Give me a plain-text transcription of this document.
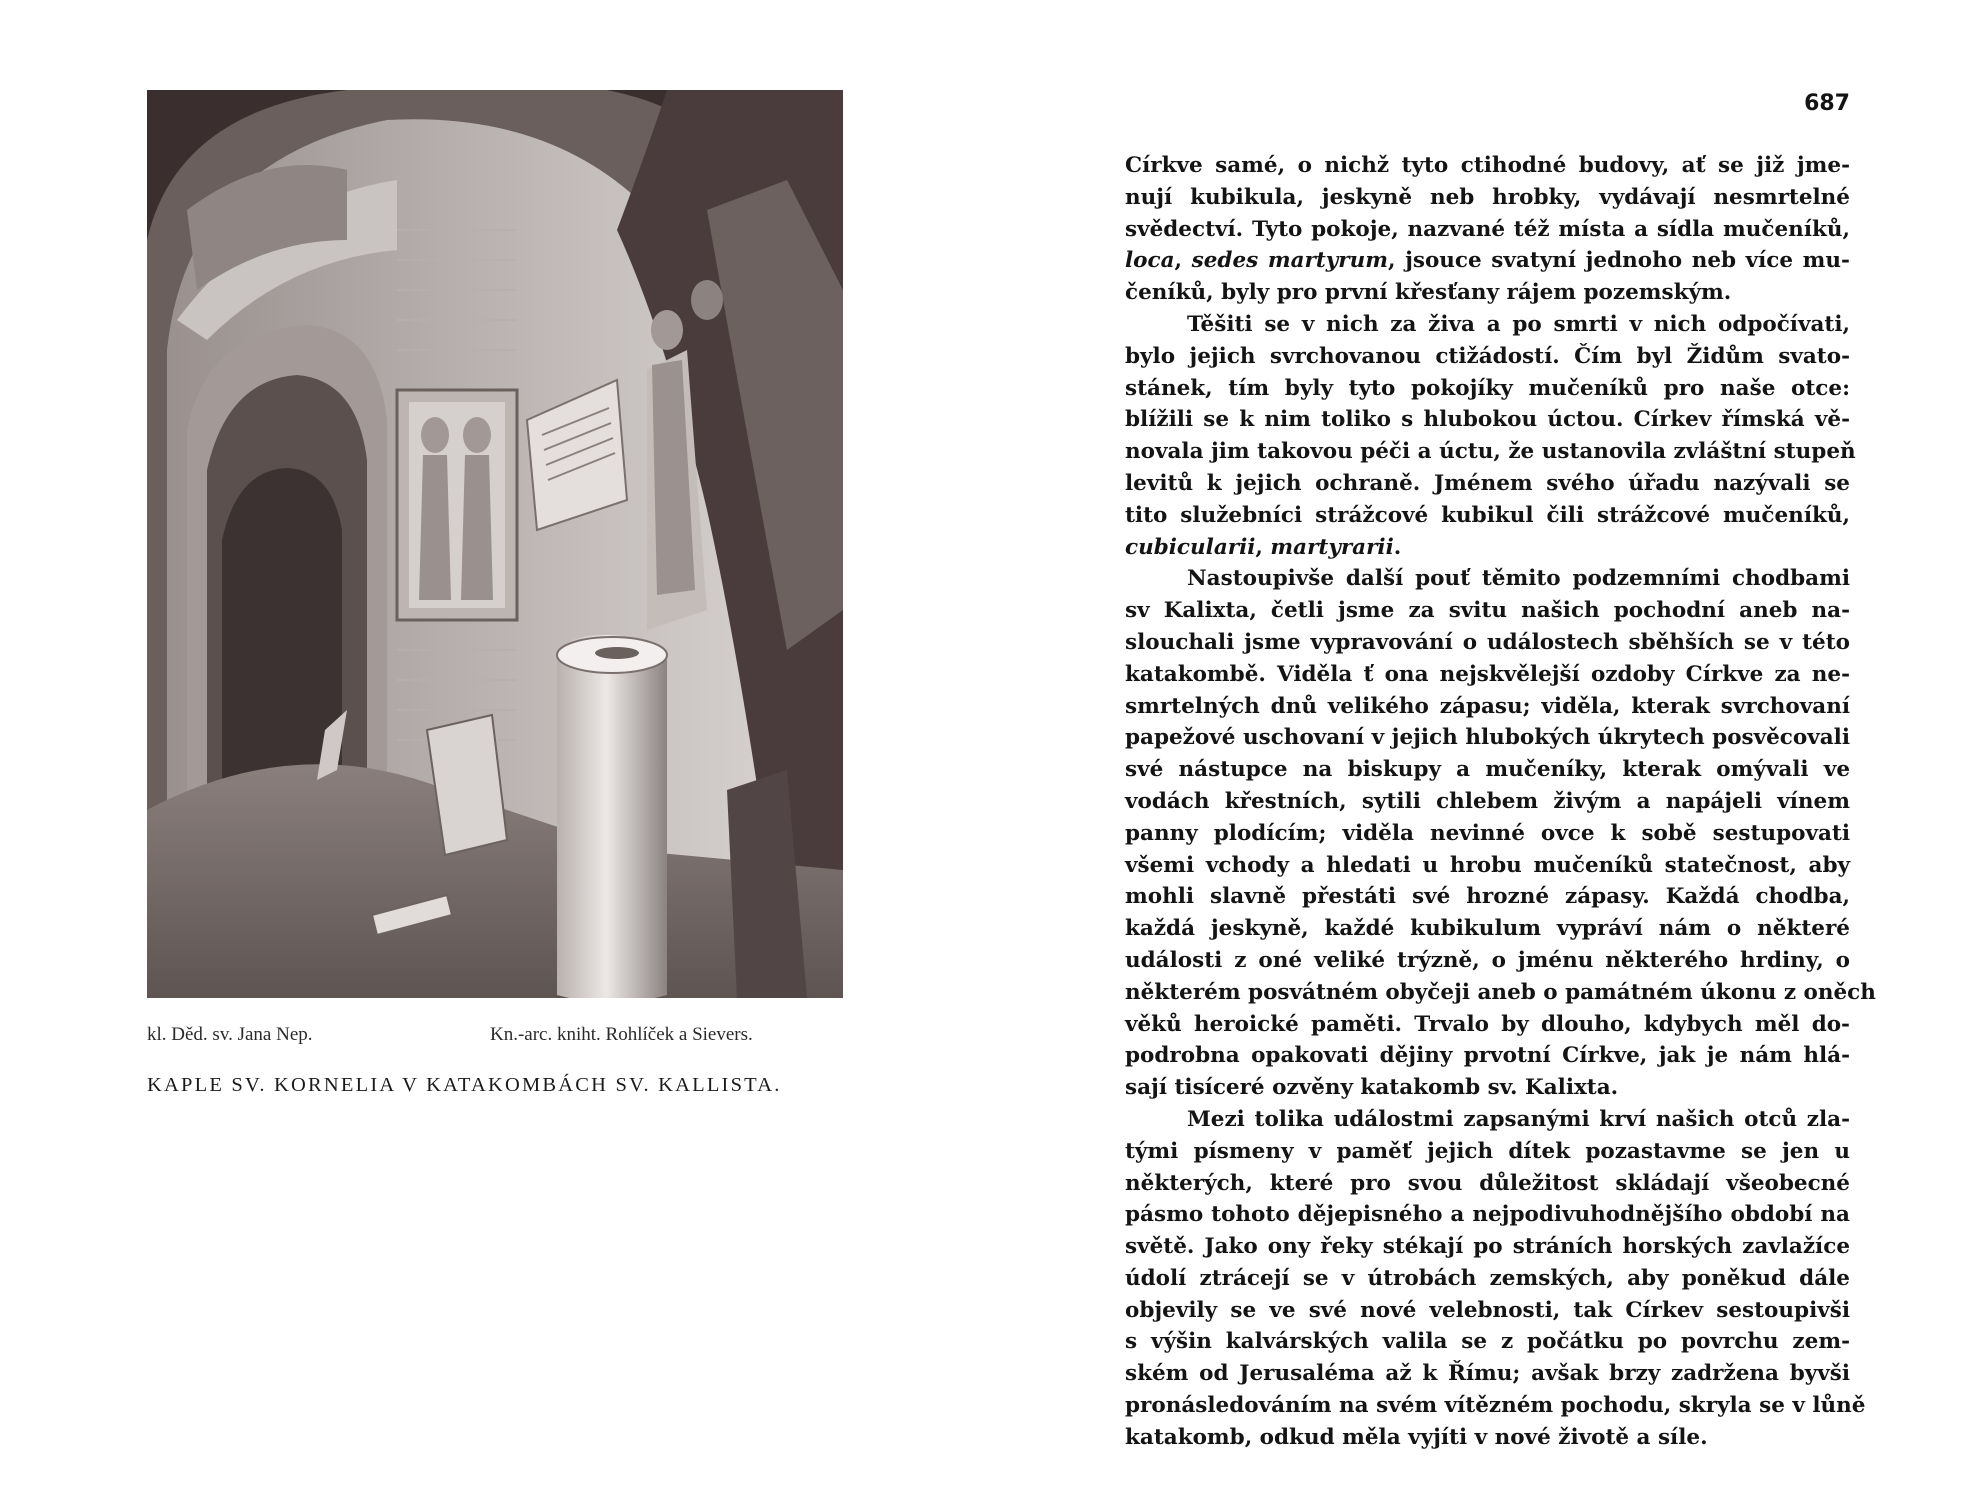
kl. Děd. sv. Jana Nep.	Kn.-arc. kniht. Rohlíček a Sievers.
KAPLE SV. KORNELIA V KATAKOMBÁCH SV. KALLISTA.
687
Církve samé, o nichž tyto ctihodné budovy, ať se již jme-
nují kubikula, jeskyně neb hrobky, vydávají nesmrtelné
svědectví. Tyto pokoje, nazvané též místa a sídla mučeníků,
loca, sedes martyrum, jsouce svatyní jednoho neb více mu-
čeníků, byly pro první křesťany rájem pozemským.
Těšiti se v nich za živa a po smrti v nich odpočívati,
bylo jejich svrchovanou ctižádostí. Čím byl Židům svato-
stánek, tím byly tyto pokojíky mučeníků pro naše otce:
blížili se k nim toliko s hlubokou úctou. Církev římská vě-
novala jim takovou péči a úctu, že ustanovila zvláštní stupeň
levitů k jejich ochraně. Jménem svého úřadu nazývali se
tito služebníci strážcové kubikul čili strážcové mučeníků,
cubicularii, martyrarii.
Nastoupivše další pouť těmito podzemními chodbami
sv Kalixta, četli jsme za svitu našich pochodní aneb na-
slouchali jsme vypravování o událostech sběhších se v této
katakombě. Viděla ť ona nejskvělejší ozdoby Církve za ne-
smrtelných dnů velikého zápasu; viděla, kterak svrchovaní
papežové uschovaní v jejich hlubokých úkrytech posvěcovali
své nástupce na biskupy a mučeníky, kterak omývali ve
vodách křestních, sytili chlebem živým a napájeli vínem
panny plodícím; viděla nevinné ovce k sobě sestupovati
všemi vchody a hledati u hrobu mučeníků statečnost, aby
mohli slavně přestáti své hrozné zápasy. Každá chodba,
každá jeskyně, každé kubikulum vypráví nám o některé
události z oné veliké trýzně, o jménu některého hrdiny, o
některém posvátném obyčeji aneb o památném úkonu z oněch
věků heroické paměti. Trvalo by dlouho, kdybych měl do-
podrobna opakovati dějiny prvotní Církve, jak je nám hlá-
sají tisíceré ozvěny katakomb sv. Kalixta.
Mezi tolika událostmi zapsanými krví našich otců zla-
tými písmeny v paměť jejich dítek pozastavme se jen u
některých, které pro svou důležitost skládají všeobecné
pásmo tohoto dějepisného a nejpodivuhodnějšího období na
světě. Jako ony řeky stékají po stráních horských zavlažíce
údolí ztrácejí se v útrobách zemských, aby poněkud dále
objevily se ve své nové velebnosti, tak Církev sestoupivši
s výšin kalvárských valila se z počátku po povrchu zem-
ském od Jerusaléma až k Římu; avšak brzy zadržena byvši
pronásledováním na svém vítězném pochodu, skryla se v lůně
katakomb, odkud měla vyjíti v nové životě a síle.
